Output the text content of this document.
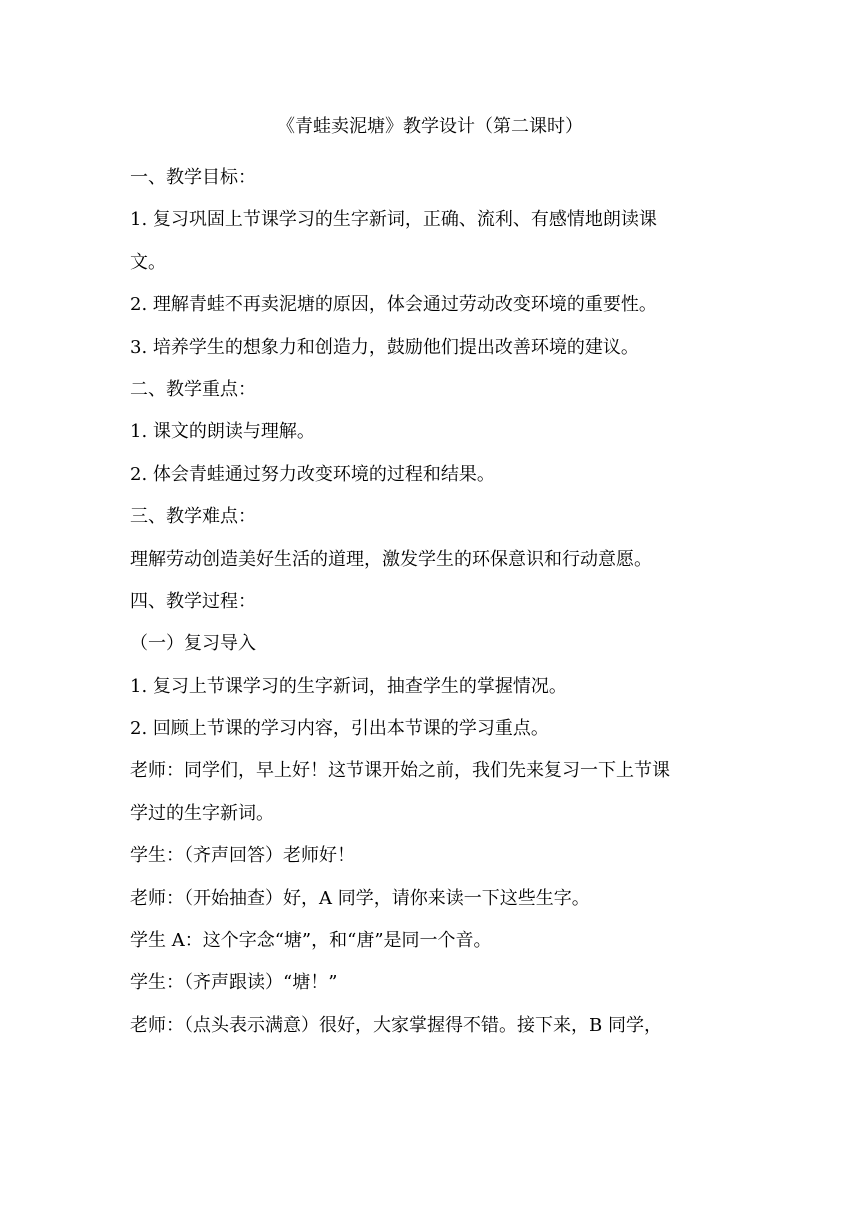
《青蛙卖泥塘》教学设计（第二课时）
一、教学目标：
1. 复习巩固上节课学习的生字新词，正确、流利、有感情地朗读课
文。
2. 理解青蛙不再卖泥塘的原因，体会通过劳动改变环境的重要性。
3. 培养学生的想象力和创造力，鼓励他们提出改善环境的建议。
二、教学重点：
1. 课文的朗读与理解。
2. 体会青蛙通过努力改变环境的过程和结果。
三、教学难点：
理解劳动创造美好生活的道理，激发学生的环保意识和行动意愿。
四、教学过程：
（一）复习导入
1. 复习上节课学习的生字新词，抽查学生的掌握情况。
2. 回顾上节课的学习内容，引出本节课的学习重点。
老师：同学们，早上好！这节课开始之前，我们先来复习一下上节课
学过的生字新词。
学生：（齐声回答）老师好！
老师：（开始抽查）好，A 同学，请你来读一下这些生字。
学生 A：这个字念“塘”，和“唐”是同一个音。
学生：（齐声跟读）“塘！”
老师：（点头表示满意）很好，大家掌握得不错。接下来，B 同学，
